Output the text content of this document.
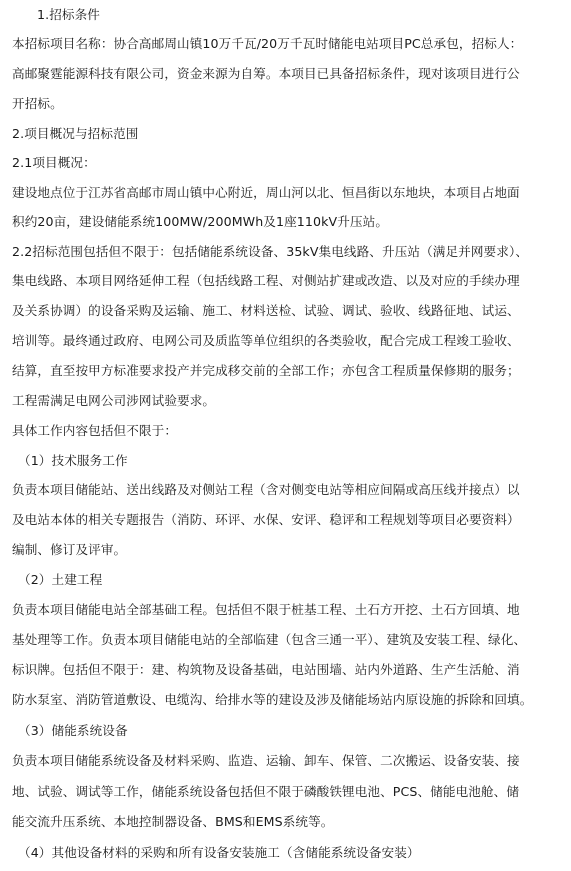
1.招标条件
本招标项目名称：协合高邮周山镇10万千瓦/20万千瓦时储能电站项目PC总承包，招标人：
高邮聚霆能源科技有限公司，资金来源为自筹。本项目已具备招标条件，现对该项目进行公
开招标。
2.项目概况与招标范围
2.1项目概况：
建设地点位于江苏省高邮市周山镇中心附近，周山河以北、恒昌街以东地块，本项目占地面
积约20亩，建设储能系统100MW/200MWh及1座110kV升压站。
2.2招标范围包括但不限于：包括储能系统设备、35kV集电线路、升压站（满足并网要求）、
集电线路、本项目网络延伸工程（包括线路工程、对侧站扩建或改造、以及对应的手续办理
及关系协调）的设备采购及运输、施工、材料送检、试验、调试、验收、线路征地、试运、
培训等。最终通过政府、电网公司及质监等单位组织的各类验收，配合完成工程竣工验收、
结算，直至按甲方标准要求投产并完成移交前的全部工作；亦包含工程质量保修期的服务；
工程需满足电网公司涉网试验要求。
具体工作内容包括但不限于：
（1）技术服务工作
负责本项目储能站、送出线路及对侧站工程（含对侧变电站等相应间隔或高压线并接点）以
及电站本体的相关专题报告（消防、环评、水保、安评、稳评和工程规划等项目必要资料）
编制、修订及评审。
（2）土建工程
负责本项目储能电站全部基础工程。包括但不限于桩基工程、土石方开挖、土石方回填、地
基处理等工作。负责本项目储能电站的全部临建（包含三通一平）、建筑及安装工程、绿化、
标识牌。包括但不限于：建、构筑物及设备基础，电站围墙、站内外道路、生产生活舱、消
防水泵室、消防管道敷设、电缆沟、给排水等的建设及涉及储能场站内原设施的拆除和回填。
（3）储能系统设备
负责本项目储能系统设备及材料采购、监造、运输、卸车、保管、二次搬运、设备安装、接
地、试验、调试等工作，储能系统设备包括但不限于磷酸铁锂电池、PCS、储能电池舱、储
能交流升压系统、本地控制器设备、BMS和EMS系统等。
（4）其他设备材料的采购和所有设备安装施工（含储能系统设备安装）
